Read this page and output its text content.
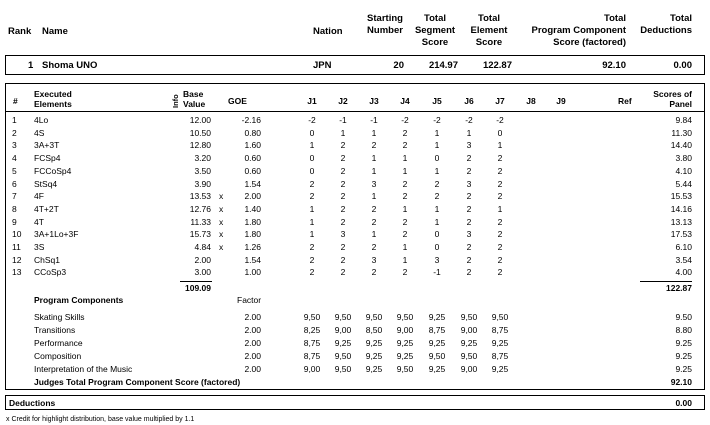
Rank Name	Nation
Starting
Number
Total
Segment
Score
Total
Element
Score
Total
Program Component
Score (factored)
Total
Deductions
1 Shoma UNO	JPN	20	214.97	122.87	92.10	0.00
#
Executed
Elements	Info
Base
Value	GOE	J1	J2	J3	J4	J5	J6	J7	J8	J9	Ref
Scores of
Panel
1 4Lo	12.00	-2.16	-2	-1	-1	-2	-2	-2	-2	9.84
2 4S	10.50	0.80	0	1	1	2	1	1	0	11.30
3 3A+3T	12.80	1.60	1	2	2	2	1	3	1	14.40
4 FCSp4	3.20	0.60	0	2	1	1	0	2	2	3.80
5 FCCoSp4	3.50	0.60	0	2	1	1	1	2	2	4.10
6 StSq4	3.90	1.54	2	2	3	2	2	3	2	5.44
7 4F	13.53 x	2.00	2	2	1	2	2	2	2	15.53
8 4T+2T	12.76 x	1.40	1	2	2	1	1	2	1	14.16
9 4T	11.33 x	1.80	1	2	2	2	1	2	2	13.13
10 3A+1Lo+3F	15.73 x	1.80	1	3	1	2	0	3	2	17.53
11 3S	4.84 x	1.26	2	2	2	1	0	2	2	6.10
12 ChSq1	2.00	1.54	2	2	3	1	3	2	2	3.54
13 CCoSp3	3.00	1.00	2	2	2	2	-1	2	2	4.00
109.09	122.87
Program Components	Factor
Skating Skills	2.00	9,50	9,50	9,50	9,50	9,25	9,50	9,50	9.50
Transitions	2.00	8,25	9,00	8,50	9,00	8,75	9,00	8,75	8.80
Performance	2.00	8,75	9,25	9,25	9,25	9,25	9,25	9,25	9.25
Composition	2.00	8,75	9,50	9,25	9,25	9,50	9,50	8,75	9.25
Interpretation of the Music	2.00	9,00	9,50	9,25	9,50	9,25	9,00	9,25	9.25
Judges Total Program Component Score (factored)	92.10
Deductions	0.00
x Credit for highlight distribution, base value multiplied by 1.1
